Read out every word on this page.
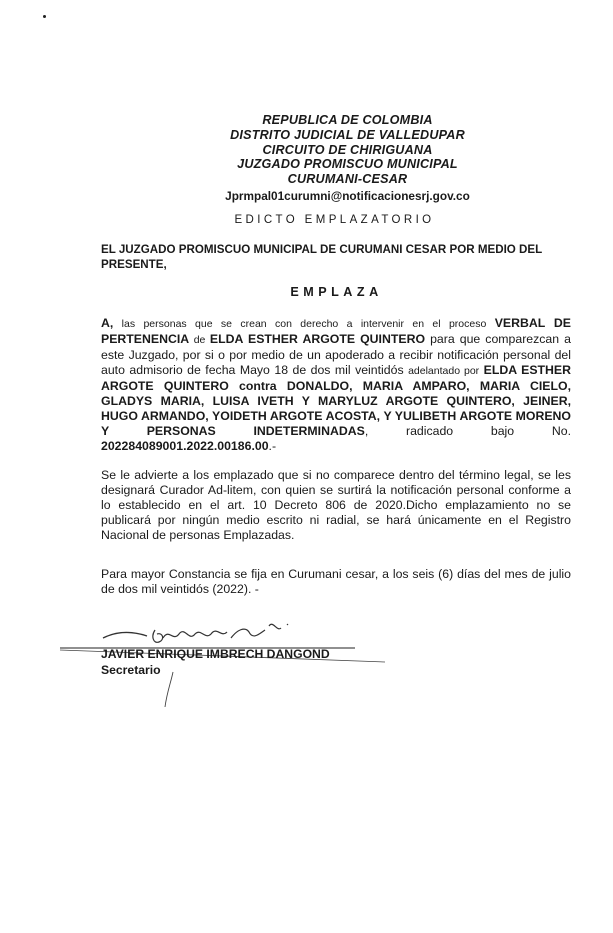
REPUBLICA DE COLOMBIA
DISTRITO JUDICIAL DE VALLEDUPAR
CIRCUITO DE CHIRIGUANA
JUZGADO PROMISCUO MUNICIPAL
CURUMANI-CESAR
Jprmpal01curumni@notificacionesrj.gov.co
EDICTO EMPLAZATORIO
EL JUZGADO PROMISCUO MUNICIPAL DE CURUMANI CESAR POR MEDIO DEL PRESENTE,
EMPLAZA
A, las personas que se crean con derecho a intervenir en el proceso VERBAL DE PERTENENCIA de ELDA ESTHER ARGOTE QUINTERO para que comparezcan a este Juzgado, por si o por medio de un apoderado a recibir notificación personal del auto admisorio de fecha Mayo 18 de dos mil veintidós adelantado por ELDA ESTHER ARGOTE QUINTERO contra DONALDO, MARIA AMPARO, MARIA CIELO, GLADYS MARIA, LUISA IVETH Y MARYLUZ ARGOTE QUINTERO, JEINER, HUGO ARMANDO, YOIDETH ARGOTE ACOSTA, Y YULIBETH ARGOTE MORENO Y PERSONAS INDETERMINADAS, radicado bajo No. 202284089001.2022.00186.00.-
Se le advierte a los emplazado que si no comparece dentro del término legal, se les designará Curador Ad-litem, con quien se surtirá la notificación personal conforme a lo establecido en el art. 10 Decreto 806 de 2020.Dicho emplazamiento no se publicará por ningún medio escrito ni radial, se hará únicamente en el Registro Nacional de personas Emplazadas.
Para mayor Constancia se fija en Curumani cesar, a los seis (6) días del mes de julio de dos mil veintidós (2022). -
JAVIER ENRIQUE IMBRECH DANGOND
Secretario
